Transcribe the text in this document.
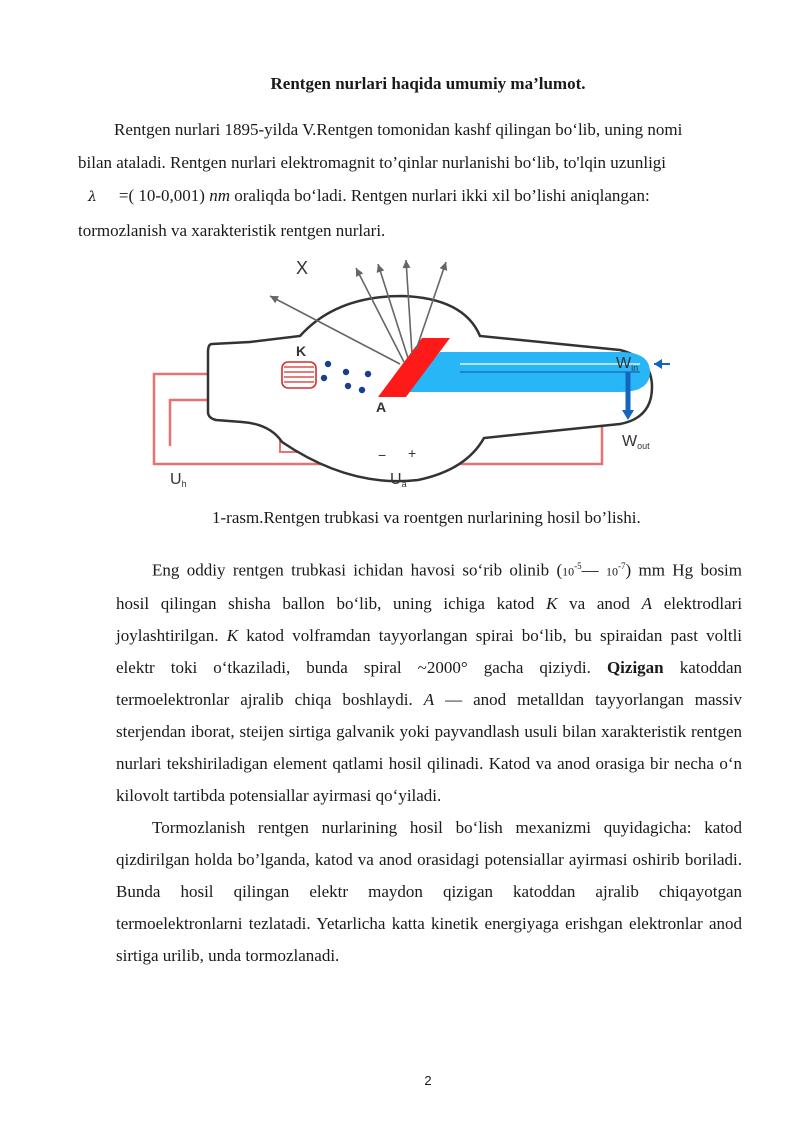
Rentgen nurlari haqida umumiy ma’lumot.

Rentgen nurlari 1895-yilda V.Rentgen tomonidan kashf qilingan bo‘lib, uning nomi bilan ataladi. Rentgen nurlari elektromagnit to’qinlar nurlanishi bo‘lib, to'lqin uzunligi λ =( 10-0,001) nm oraliqda bo‘ladi. Rentgen nurlari ikki xil bo’lishi aniqlangan: tormozlanish va xarakteristik rentgen nurlari.

X
K
A
Win
Wout
Uh	Ua
− +
1-rasm.Rentgen trubkasi va roentgen nurlarining hosil bo’lishi.

Eng oddiy rentgen trubkasi ichidan havosi so‘rib olinib ($10^{-5}—$ $10^{-7}$) mm Hg bosim hosil qilingan shisha ballon bo‘lib, uning ichiga katod K va anod A elektrodlari joylashtirilgan. K katod volframdan tayyorlangan spirai bo‘lib, bu spiraidan past voltli elektr toki o‘tkaziladi, bunda spiral ~2000° gacha qiziydi. Qizigan katoddan termoelektronlar ajralib chiqa boshlaydi. A — anod metalldan tayyorlangan massiv sterjendan iborat, steijen sirtiga galvanik yoki payvandlash usuli bilan xarakteristik rentgen nurlari tekshiriladigan element qatlami hosil qilinadi. Katod va anod orasiga bir necha o‘n kilovolt tartibda potensiallar ayirmasi qo‘yiladi.

Tormozlanish rentgen nurlarining hosil bo‘lish mexanizmi quyidagicha: katod qizdirilgan holda bo’lganda, katod va anod orasidagi potensiallar ayirmasi oshirib boriladi. Bunda hosil qilingan elektr maydon qizigan katoddan ajralib chiqayotgan termoelektronlarni tezlatadi. Yetarlicha katta kinetik energiyaga erishgan elektronlar anod sirtiga urilib, unda tormozlanadi.

2
